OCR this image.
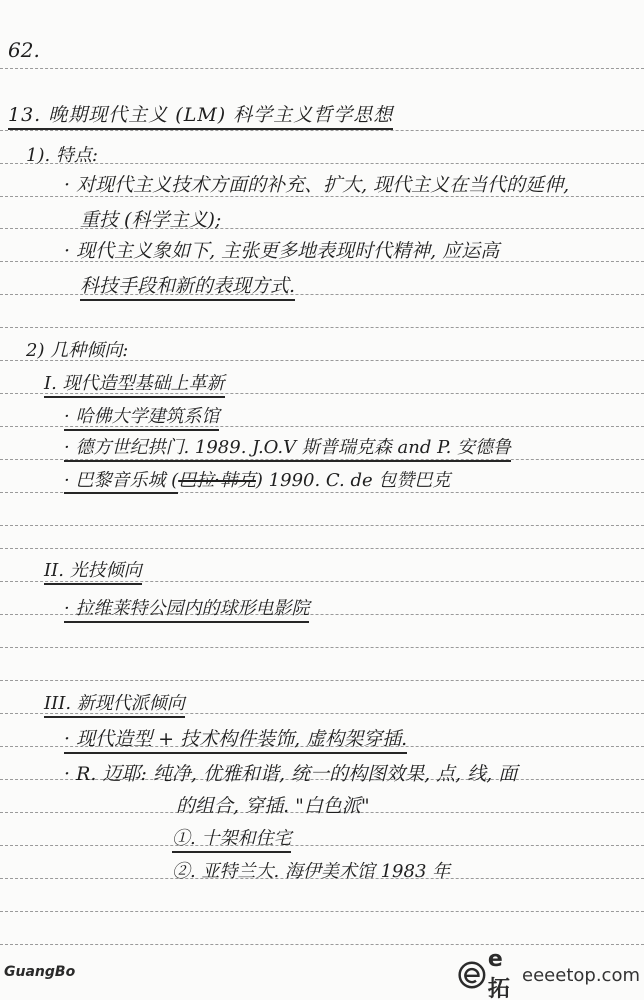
62.
13. 晚期现代主义 (LM) 科学主义哲学思想
1). 特点:
· 对现代主义技术方面的补充、扩大, 现代主义在当代的延伸,
重技 (科学主义);
· 现代主义象如下, 主张更多地表现时代精神, 应运高
科技手段和新的表现方式.
2) 几种倾向:
I. 现代造型基础上革新
· 哈佛大学建筑系馆
· 德方世纪拱门. 1989. J.O.V 斯普瑞克森 and P. 安德鲁
· 巴黎音乐城 (巴拉·韩克) 1990. C. de 包赞巴克
II. 光技倾向
· 拉维莱特公园内的球形电影院
III. 新现代派倾向
· 现代造型 + 技术构件装饰, 虚构架穿插.
· R. 迈耶: 纯净, 优雅和谐, 统一的构图效果, 点, 线, 面
的组合, 穿插. "白色派"
①. 十架和住宅
②. 亚特兰大. 海伊美术馆 1983 年
GuangBo	e拓
eeeetop.com
